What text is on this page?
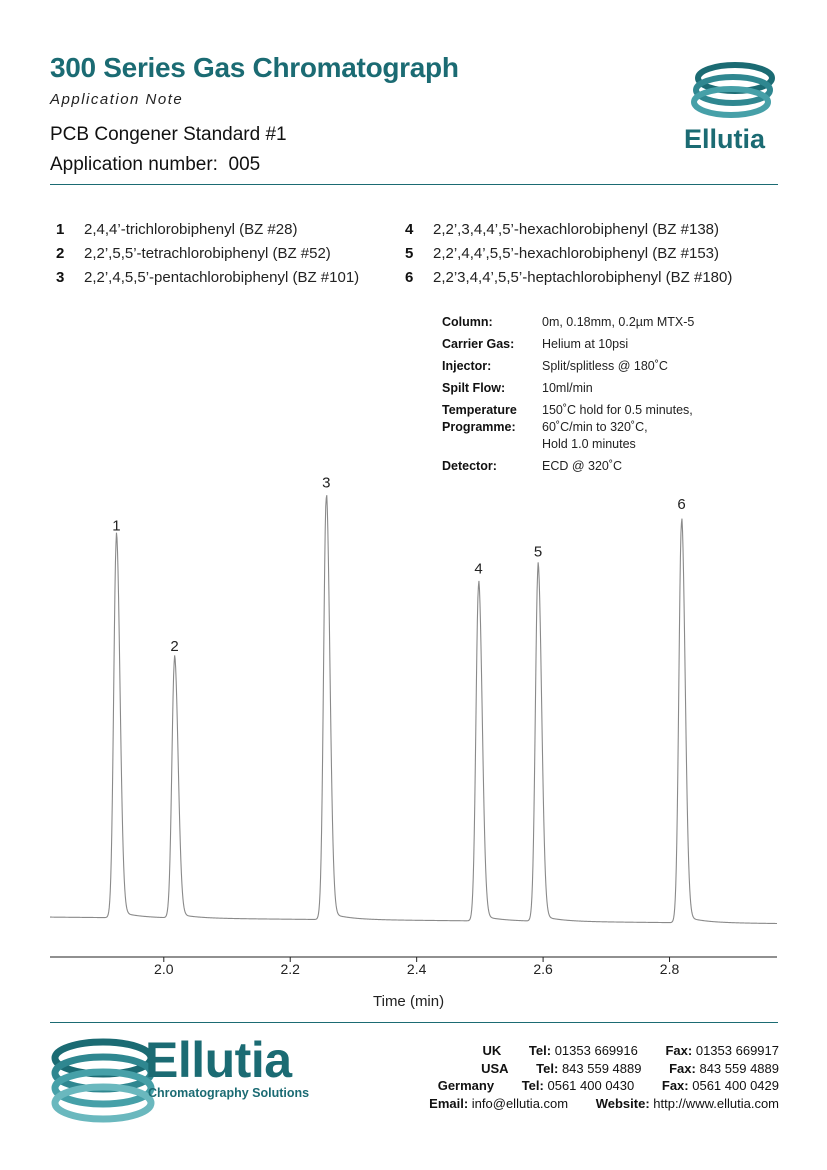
300 Series Gas Chromatograph
Application Note
PCB Congener Standard #1
Application number: 005
Ellutia
1 2,4,4’-trichlorobiphenyl (BZ #28)
2 2,2’,5,5’-tetrachlorobiphenyl (BZ #52)
3 2,2’,4,5,5’-pentachlorobiphenyl (BZ #101)
4 2,2’,3,4,4’,5’-hexachlorobiphenyl (BZ #138)
5 2,2’,4,4’,5,5’-hexachlorobiphenyl (BZ #153)
6 2,2’3,4,4’,5,5’-heptachlorobiphenyl (BZ #180)
Column:	0m, 0.18mm, 0.2µm MTX-5
Carrier Gas:	Helium at 10psi
Injector:	Split/splitless @ 180˚C
Spilt Flow:	10ml/min
Temperature
Programme:
150˚C hold for 0.5 minutes,
60˚C/min to 320˚C,
Hold 1.0 minutes
Detector:	ECD @ 320˚C
1
2
3
4
5
6
2.0	2.2	2.4	2.6	2.8
Time (min)
Ellutia
Chromatography Solutions
UK Tel: 01353 669916 Fax: 01353 669917
USA Tel: 843 559 4889 Fax: 843 559 4889
Germany Tel: 0561 400 0430 Fax: 0561 400 0429
Email: info@ellutia.com Website: http://www.ellutia.com
